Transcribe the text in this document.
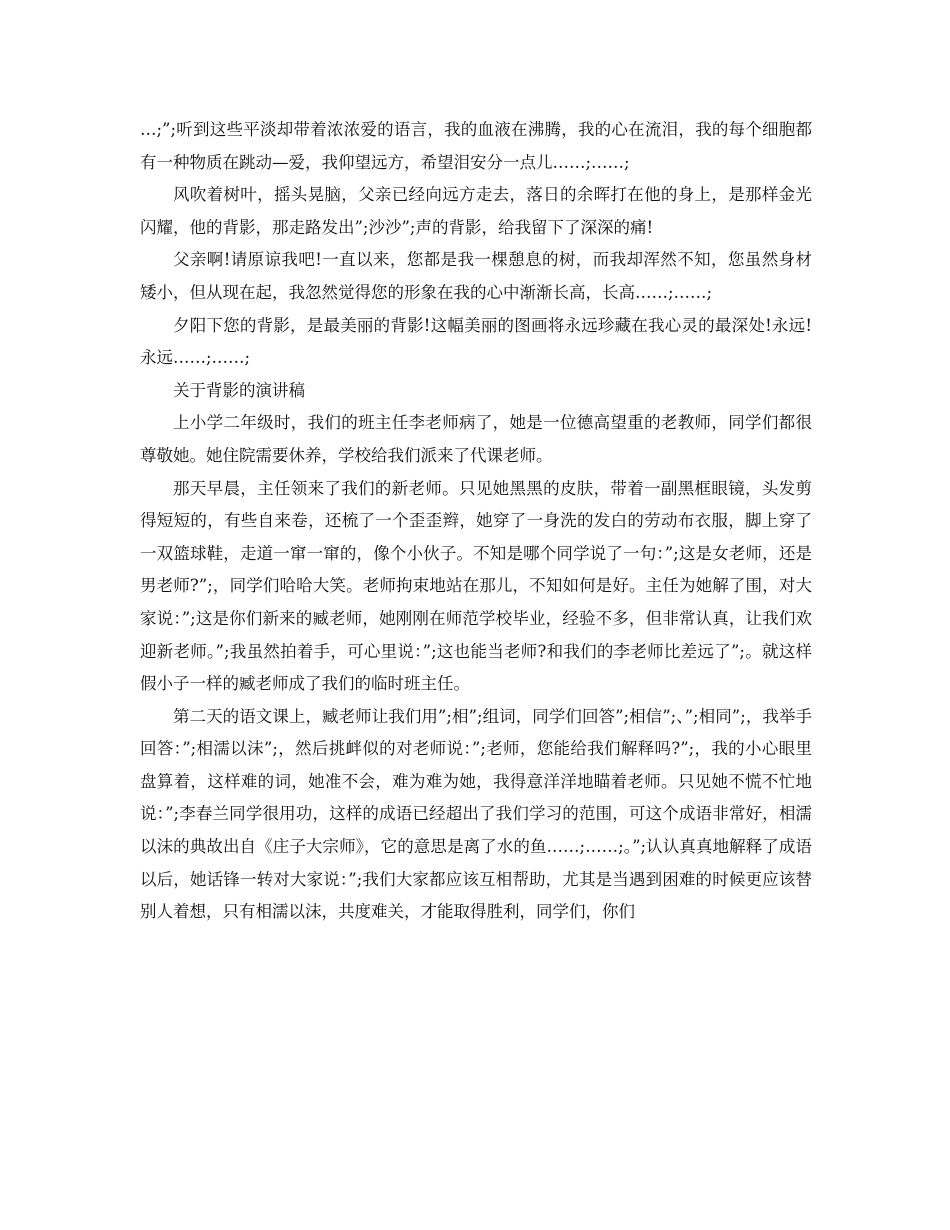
…;”;听到这些平淡却带着浓浓爱的语言，我的血液在沸腾，我的心在流泪，我的每个细胞都有一种物质在跳动—爱，我仰望远方，希望泪安分一点儿……;……;

风吹着树叶，摇头晃脑，父亲已经向远方走去，落日的余晖打在他的身上，是那样金光闪耀，他的背影，那走路发出”;沙沙”;声的背影，给我留下了深深的痛!

父亲啊!请原谅我吧!一直以来，您都是我一棵憩息的树，而我却浑然不知，您虽然身材矮小，但从现在起，我忽然觉得您的形象在我的心中渐渐长高，长高……;……;

夕阳下您的背影，是最美丽的背影!这幅美丽的图画将永远珍藏在我心灵的最深处!永远!永远……;……;

关于背影的演讲稿

上小学二年级时，我们的班主任李老师病了，她是一位德高望重的老教师，同学们都很尊敬她。她住院需要休养，学校给我们派来了代课老师。

那天早晨，主任领来了我们的新老师。只见她黑黑的皮肤，带着一副黑框眼镜，头发剪得短短的，有些自来卷，还梳了一个歪歪辫，她穿了一身洗的发白的劳动布衣服，脚上穿了一双篮球鞋，走道一窜一窜的，像个小伙子。不知是哪个同学说了一句：”;这是女老师，还是男老师?”;，同学们哈哈大笑。老师拘束地站在那儿，不知如何是好。主任为她解了围，对大家说：”;这是你们新来的臧老师，她刚刚在师范学校毕业，经验不多，但非常认真，让我们欢迎新老师。”;我虽然拍着手，可心里说：”;这也能当老师?和我们的李老师比差远了”;。就这样假小子一样的臧老师成了我们的临时班主任。

第二天的语文课上，臧老师让我们用”;相”;组词，同学们回答”;相信”;、”;相同”;，我举手回答：”;相濡以沫”;，然后挑衅似的对老师说：”;老师，您能给我们解释吗?”;，我的小心眼里盘算着，这样难的词，她准不会，难为难为她，我得意洋洋地瞄着老师。只见她不慌不忙地说：”;李春兰同学很用功，这样的成语已经超出了我们学习的范围，可这个成语非常好，相濡以沫的典故出自《庄子大宗师》，它的意思是离了水的鱼……;……;。”;认认真真地解释了成语以后，她话锋一转对大家说：”;我们大家都应该互相帮助，尤其是当遇到困难的时候更应该替别人着想，只有相濡以沫，共度难关，才能取得胜利，同学们，你们
